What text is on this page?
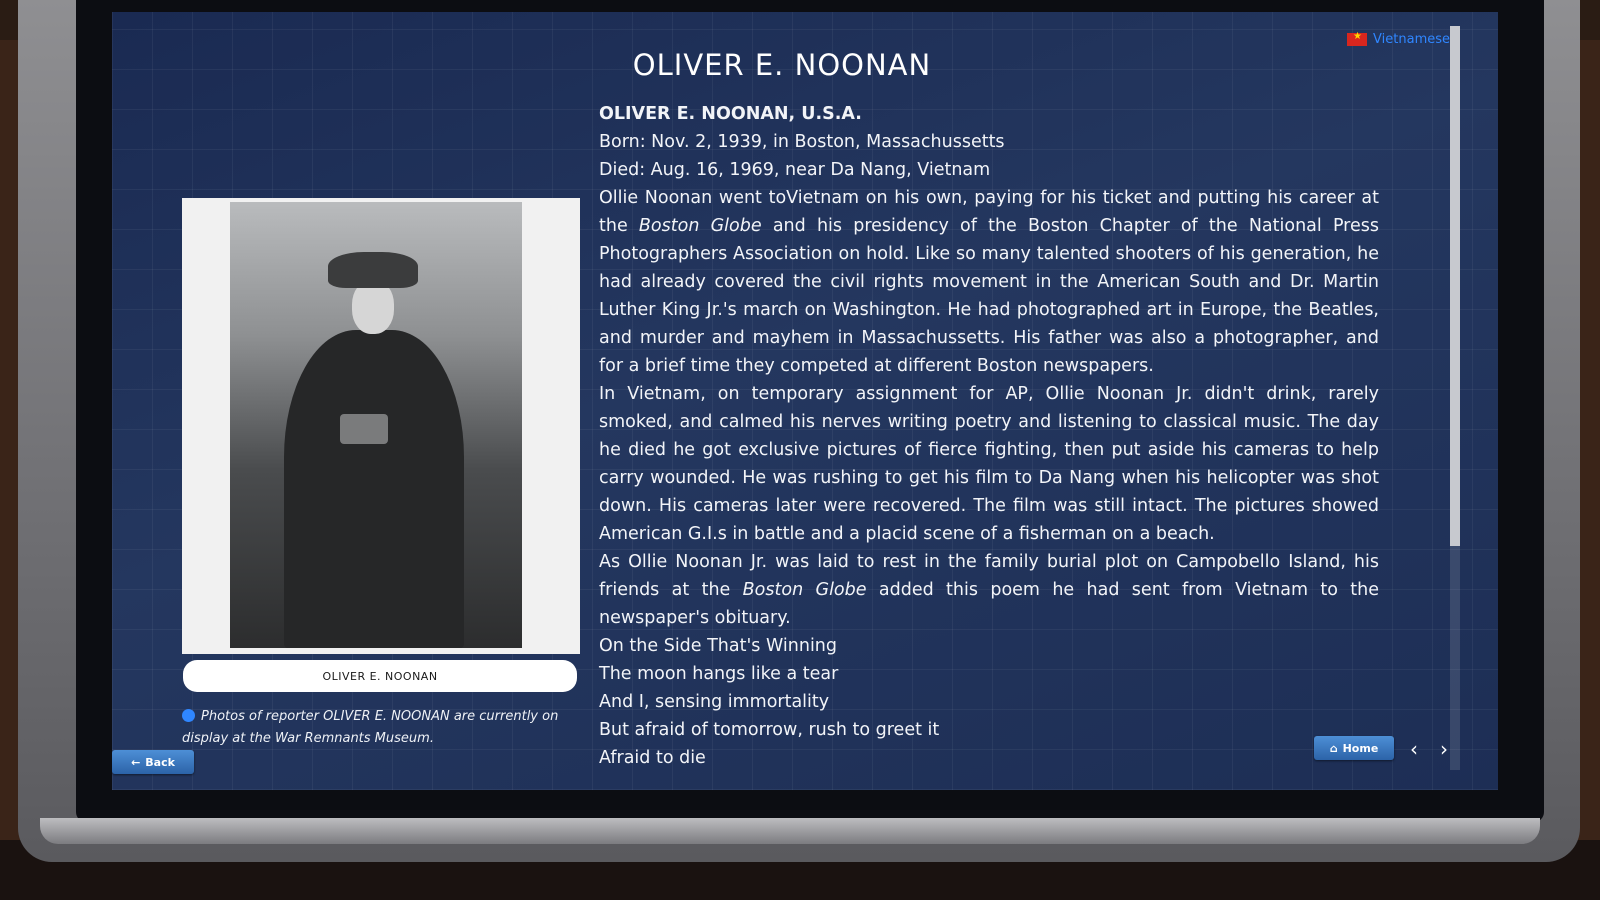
★
Vietnamese
OLIVER E. NOONAN
OLIVER E. NOONAN
Photos of reporter OLIVER E. NOONAN are currently on display at the War Remnants Museum.

OLIVER E. NOONAN, U.S.A.

Born: Nov. 2, 1939, in Boston, Massachussetts

Died: Aug. 16, 1969, near Da Nang, Vietnam

Ollie Noonan went toVietnam on his own, paying for his ticket and putting his career at the Boston Globe and his presidency of the Boston Chapter of the National Press Photographers Association on hold. Like so many talented shooters of his generation, he had already covered the civil rights movement in the American South and Dr. Martin Luther King Jr.'s march on Washington. He had photographed art in Europe, the Beatles, and murder and mayhem in Massachussetts. His father was also a photographer, and for a brief time they competed at different Boston newspapers.

In Vietnam, on temporary assignment for AP, Ollie Noonan Jr. didn't drink, rarely smoked, and calmed his nerves writing poetry and listening to classical music. The day he died he got exclusive pictures of fierce fighting, then put aside his cameras to help carry wounded. He was rushing to get his film to Da Nang when his helicopter was shot down. His cameras later were recovered. The film was still intact. The pictures showed American G.I.s in battle and a placid scene of a fisherman on a beach.

As Ollie Noonan Jr. was laid to rest in the family burial plot on Campobello Island, his friends at the Boston Globe added this poem he had sent from Vietnam to the newspaper's obituary.

On the Side That's Winning

The moon hangs like a tear

And I, sensing immortality

But afraid of tomorrow, rush to greet it

Afraid to die

← Back
⌂ Home	‹	›
